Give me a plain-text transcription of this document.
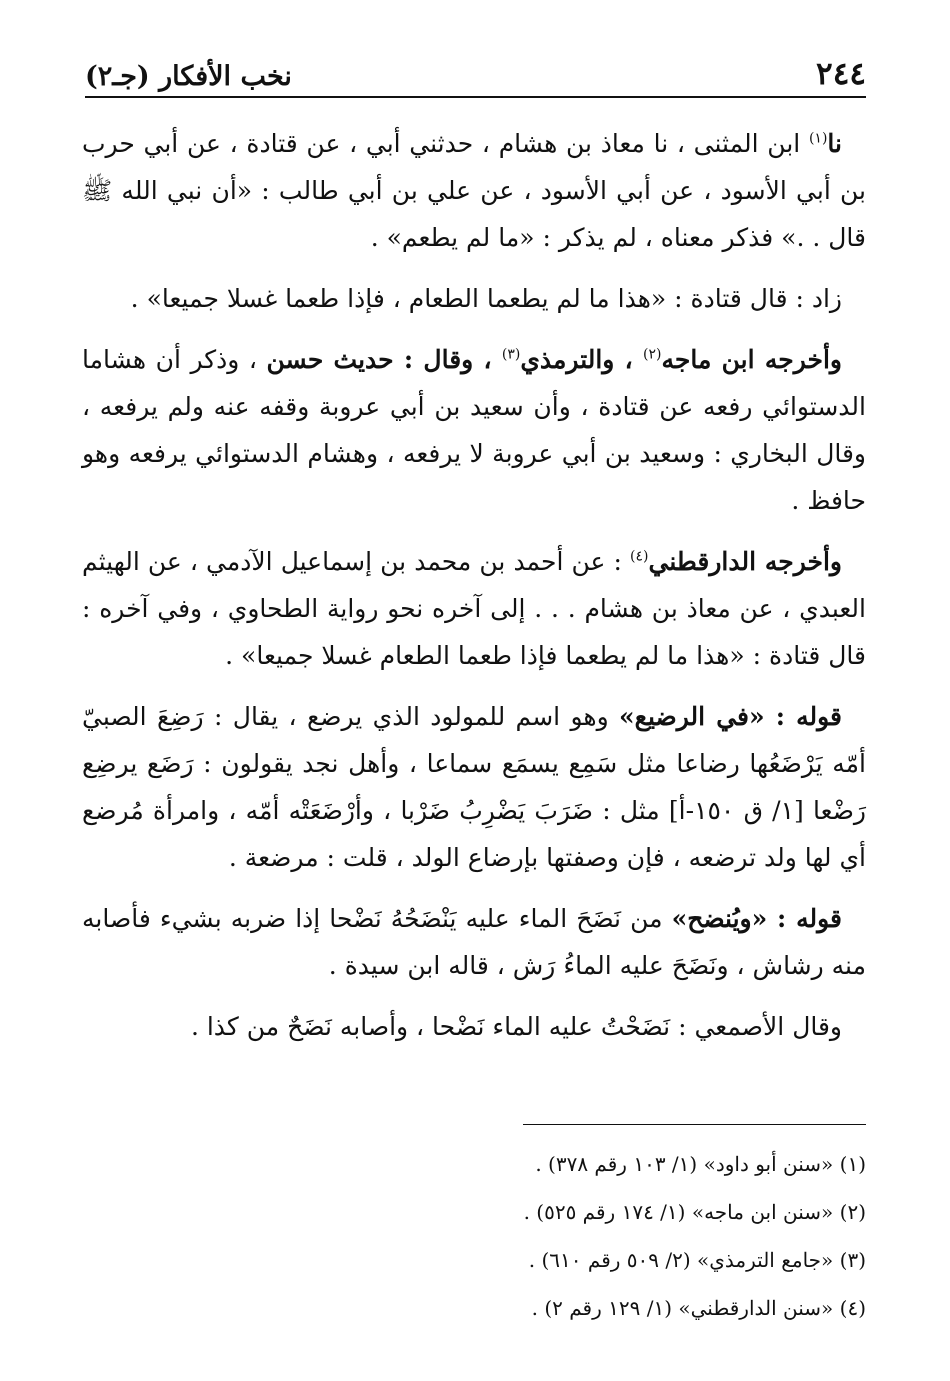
٢٤٤
نخب الأفكار (جـ٢)

نا$^{(١)}$ ابن المثنى ، نا معاذ بن هشام ، حدثني أبي ، عن قتادة ، عن أبي حرب بن أبي الأسود ، عن أبي الأسود ، عن علي بن أبي طالب : «أن نبي الله ﷺ قال . .» فذكر معناه ، لم يذكر : «ما لم يطعم» .

زاد : قال قتادة : «هذا ما لم يطعما الطعام ، فإذا طعما غسلا جميعا» .

وأخرجه ابن ماجه$^{(٢)}$ ، والترمذي$^{(٣)}$ ، وقال : حديث حسن ، وذكر أن هشاما الدستوائي رفعه عن قتادة ، وأن سعيد بن أبي عروبة وقفه عنه ولم يرفعه ، وقال البخاري : وسعيد بن أبي عروبة لا يرفعه ، وهشام الدستوائي يرفعه وهو حافظ .

وأخرجه الدارقطني$^{(٤)}$ : عن أحمد بن محمد بن إسماعيل الآدمي ، عن الهيثم العبدي ، عن معاذ بن هشام . . . إلى آخره نحو رواية الطحاوي ، وفي آخره : قال قتادة : «هذا ما لم يطعما فإذا طعما الطعام غسلا جميعا» .

قوله : «في الرضيع» وهو اسم للمولود الذي يرضع ، يقال : رَضِعَ الصبيّ أمّه يَرْضَعُها رضاعا مثل سَمِع يسمَع سماعا ، وأهل نجد يقولون : رَضَع يرضِع رَضْعا [١/ ق ١٥٠-أ] مثل : ضَرَبَ يَضْرِبُ ضَرْبا ، وأرْضَعَتْه أمّه ، وامرأة مُرضع أي لها ولد ترضعه ، فإن وصفتها بإرضاع الولد ، قلت : مرضعة .

قوله : «ويُنضح» من نَضَحَ الماء عليه يَنْضَحُهُ نَضْحا إذا ضربه بشيء فأصابه منه رشاش ، ونَضَحَ عليه الماءُ رَش ، قاله ابن سيدة .

وقال الأصمعي : نَضَحْتُ عليه الماء نَضْحا ، وأصابه نَضَحٌ من كذا .

(١) «سنن أبو داود» (١/ ١٠٣ رقم ٣٧٨) .

(٢) «سنن ابن ماجه» (١/ ١٧٤ رقم ٥٢٥) .

(٣) «جامع الترمذي» (٢/ ٥٠٩ رقم ٦١٠) .

(٤) «سنن الدارقطني» (١/ ١٢٩ رقم ٢) .
